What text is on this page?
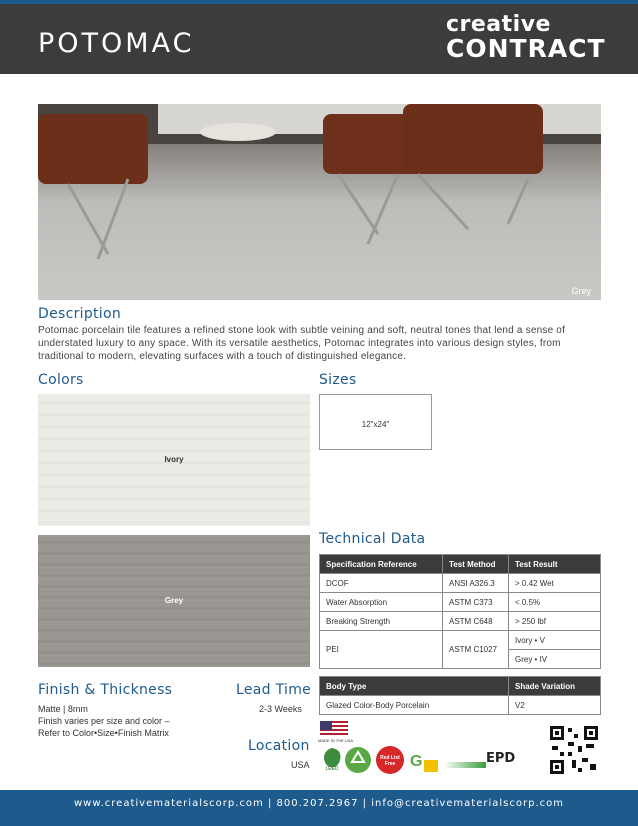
POTOMAC
creative
CONTRACT
Grey
Description
Potomac porcelain tile features a refined stone look with subtle veining and soft, neutral tones that lend a sense of understated luxury to any space. With its versatile aesthetics, Potomac integrates into various design styles, from traditional to modern, elevating surfaces with a touch of distinguished elegance.
Colors
Ivory
Grey
Sizes
12"x24"
Technical Data
Specification Reference	Test Method	Test Result
DCOF	ANSI A326.3	> 0.42 Wet
Water Absorption	ASTM C373	< 0.5%
Breaking Strength	ASTM C648	> 250 lbf
PEI	ASTM C1027	Ivory • V
		Grey • IV
Body Type	Shade Variation
Glazed Color-Body Porcelain	V2
Finish & Thickness
Matte | 8mm
Finish varies per size and color –
Refer to Color•Size•Finish Matrix
Lead Time
2-3 Weeks
Location
USA
MADE IN THE USA
LEED
Red List Free G	EPD
www.creativematerialscorp.com | 800.207.2967 | info@creativematerialscorp.com
